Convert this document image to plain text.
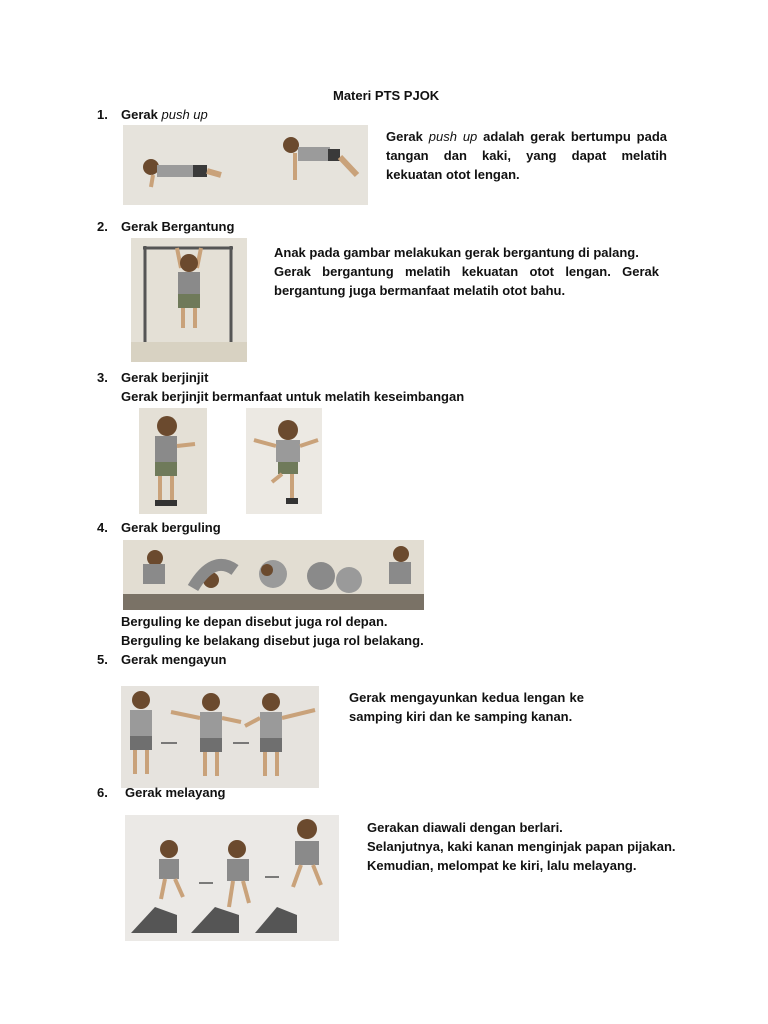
Materi PTS PJOK
1. Gerak push up
Gerak push up adalah gerak bertumpu pada tangan dan kaki, yang dapat melatih kekuatan otot lengan.
2. Gerak Bergantung
Anak pada gambar melakukan gerak bergantung di palang.
Gerak bergantung melatih kekuatan otot lengan. Gerak bergantung juga bermanfaat melatih otot bahu.
3. Gerak berjinjit
Gerak berjinjit bermanfaat untuk melatih keseimbangan
4. Gerak berguling
Berguling ke depan disebut juga rol depan.
Berguling ke belakang disebut juga rol belakang.
5. Gerak mengayun
Gerak mengayunkan kedua lengan ke samping kiri dan ke samping kanan.
6. Gerak melayang
Gerakan diawali dengan berlari.
Selanjutnya, kaki kanan menginjak papan pijakan.
Kemudian, melompat ke kiri, lalu melayang.
